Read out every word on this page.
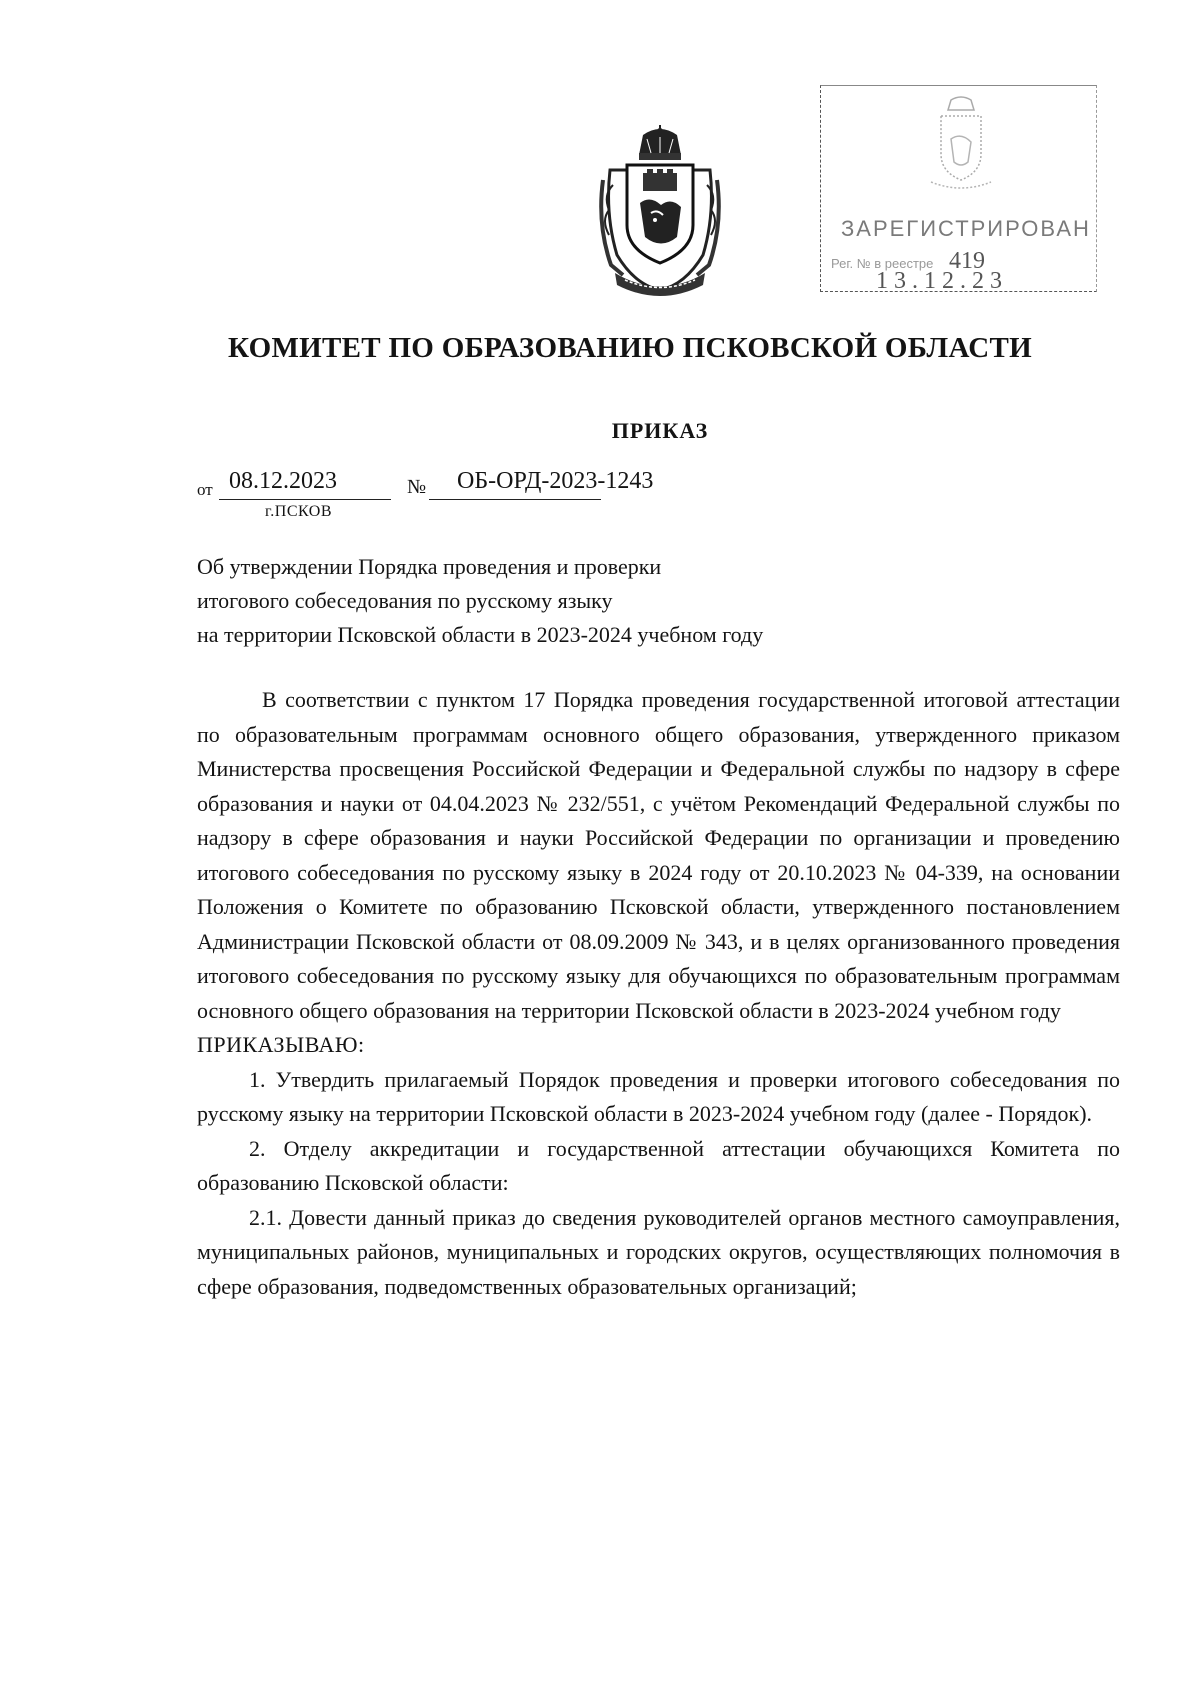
ЗАРЕГИСТРИРОВАН
Рег. № в реестре 419
13.12.23
КОМИТЕТ ПО ОБРАЗОВАНИЮ ПСКОВСКОЙ ОБЛАСТИ
ПРИКАЗ
от 08.12.2023	№ ОБ-ОРД-2023-1243
г.ПСКОВ
Об утверждении Порядка проведения и проверки
итогового собеседования по русскому языку
на территории Псковской области в 2023-2024 учебном году

В соответствии с пунктом 17 Порядка проведения государственной итоговой аттестации по образовательным программам основного общего образования, утвержденного приказом Министерства просвещения Российской Федерации и Федеральной службы по надзору в сфере образования и науки от 04.04.2023 № 232/551, с учётом Рекомендаций Федеральной службы по надзору в сфере образования и науки Российской Федерации по организации и проведению итогового собеседования по русскому языку в 2024 году от 20.10.2023 № 04-339, на основании Положения о Комитете по образованию Псковской области, утвержденного постановлением Администрации Псковской области от 08.09.2009 № 343, и в целях организованного проведения итогового собеседования по русскому языку для обучающихся по образовательным программам основного общего образования на территории Псковской области в 2023-2024 учебном году

ПРИКАЗЫВАЮ:

1. Утвердить прилагаемый Порядок проведения и проверки итогового собеседования по русскому языку на территории Псковской области в 2023-2024 учебном году (далее - Порядок).

2. Отделу аккредитации и государственной аттестации обучающихся Комитета по образованию Псковской области:

2.1. Довести данный приказ до сведения руководителей органов местного самоуправления, муниципальных районов, муниципальных и городских округов, осуществляющих полномочия в сфере образования, подведомственных образовательных организаций;
